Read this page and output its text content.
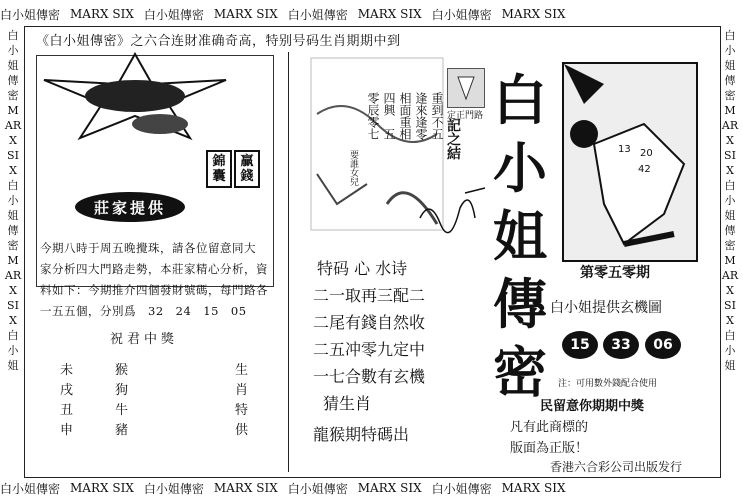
白小姐傳密 MARX SIX 白小姐傳密 MARX SIX 白小姐傳密 MARX SIX 白小姐傳密 MARX SIX
白小姐傳密 MARX SIX 白小姐傳密 MARX SIX 白小姐傳密 MARX SIX 白小姐傳密 MARX SIX
白小姐傳密MARX SIX白小姐傳密MARX SIX白小姐
白小姐傳密MARX SIX白小姐傳密MARX SIX白小姐
《白小姐傳密》之六合连財准确奇高，特别号码生肖期期中到
錦囊
贏錢
莊家提供
今期八時于周五晚攪珠，請各位留意同大
家分析四大門路走勢，本莊家精心分析，資
料如下：今期推介四個發財號碼，每門路各
一五五個，分別爲　32　24　15　05
祝君中獎
未	猴	生
戌	狗	肖
丑	牛	特
申	豬	供
零辰零七 四興　五 相面重相 逢來逢零 重到不五 記之結
要誰女兒
定正門路 白
小
姐
傳
密
13 20
42
第零五零期
白小姐提供玄機圖
15	33	06
注：可用數外錢配合使用
民留意你期期中獎
凡有此商標的
版面為正版！
香港六合彩公司出版发行
特码 心 水诗
二一取再三配二
二尾有錢自然收
二五冲零九定中
一七合數有玄機
猜生肖
龍猴期特碼出
